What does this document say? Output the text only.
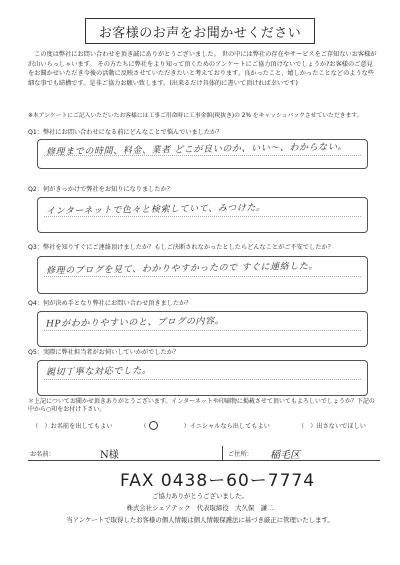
お客様のお声をお聞かせください

この度は弊社にお問い合わせを頂き誠にありがとうございました。 世の中には弊社の存在やサービスをご存知ないお客様が沢山いらっしゃいます。 その方たちに弊社をより知って頂くためのアンケートにご協力頂けないでしょうか?お客様のご意見をお聞かせいただき今後の活動に反映させていただきたいと考えております。良かったこと、嬉しかったことなどのような些細な事でも結構です。是非ご協力お願い致します。(出来るだけ具体的に書いて頂ければ幸いです)

※本アンケートにご記入いただいたお客様には工事ご用命時に工事金額(税抜き)の 2% をキャッシュバックさせていただきます。
Q1：弊社にお問い合わせになる前にどんなことで悩んでいましたか？
修理までの時間、料金、業者 どこが良いのか、いい〜、わからない。
Q2：何がきっかけで弊社をお知りになりましたか？
インターネットで色々と検索していて、みつけた。
Q3：弊社を知りすぐにご連絡頂けましたか？もしご決断されなかったとしたらどんなことがご不安でしたか？
修理のブログを見て、わかりやすかったので すぐに連絡した。
Q4：何が決め手となり弊社にお問い合わせ頂きましたか？
HPがわかりやすいのと、ブログの内容。
Q5：実際に弊社担当者がお伺いしていかがでしたか？
親切丁寧な対応でした。
＊上記についてお聞かせ頂きありがとうございます。インターネットや印刷物に掲載させて頂いてもよろしいでしょうか？下記の中から○印をお付け下さい。
（　）お名前を出してもよい	（	）イニシャルなら出してもよい	（　）出さないでほしい
お名前：	N様	ご住所： 稲毛区
FAX 0438ー60ー7774
ご協力ありがとうございました。
株式会社シェアテック　代表取締役　大久保　謙二
当アンケートで取得したお客様の個人情報は個人情報保護法に基づき厳正に管理いたします。
